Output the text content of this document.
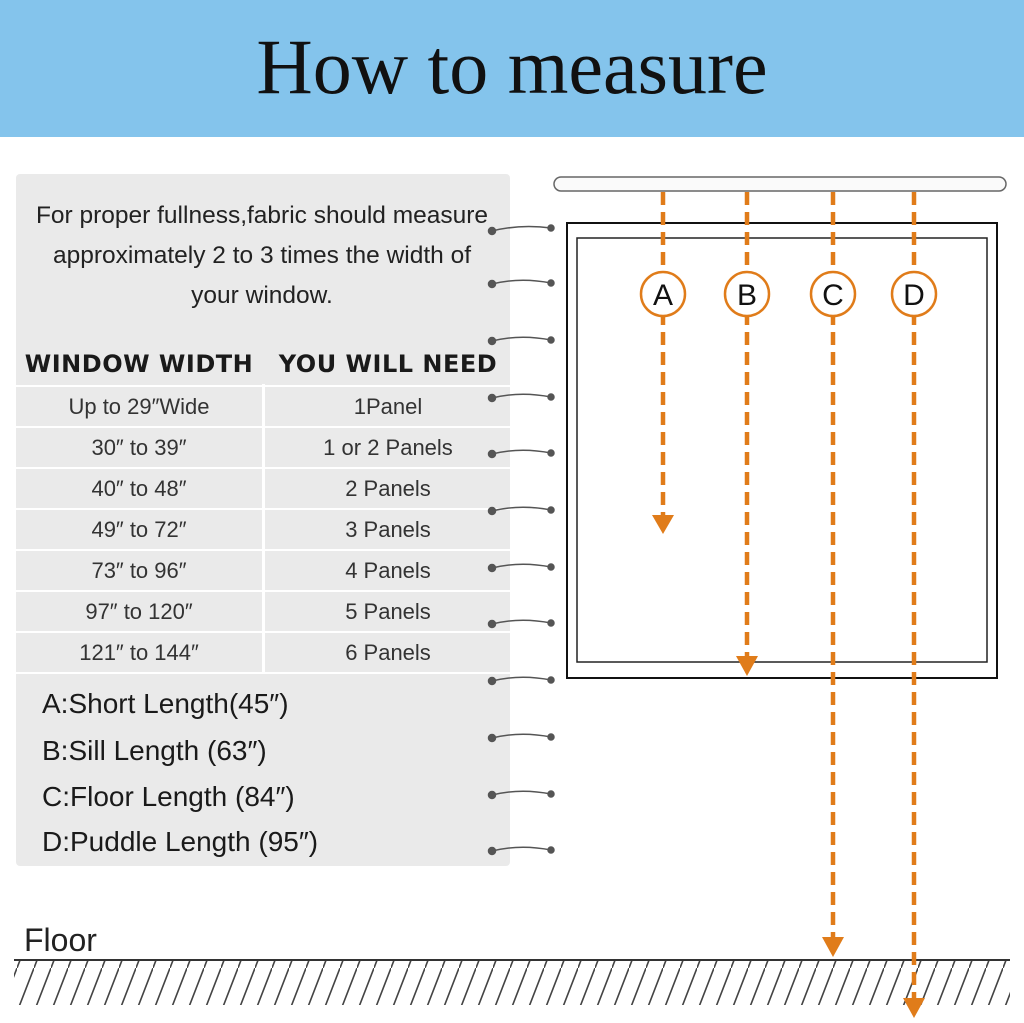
How to measure
For proper fullness,fabric should measure approximately 2 to 3 times the width of your window.
WINDOW WIDTH	YOU WILL NEED
Up to 29″Wide	1Panel
30″ to 39″	1 or 2 Panels
40″ to 48″	2 Panels
49″ to 72″	3 Panels
73″ to 96″	4 Panels
97″ to 120″	5 Panels
121″ to 144″	6 Panels
A:Short Length(45″)
B:Sill Length (63″)
C:Floor Length (84″)
D:Puddle Length (95″)
A B C D
Floor
